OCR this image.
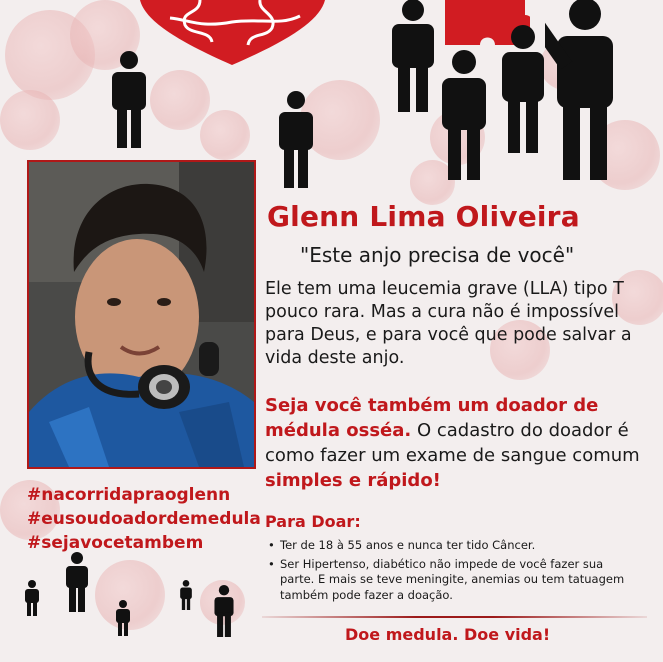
Glenn Lima Oliveira
"Este anjo precisa de você"
Ele tem uma leucemia grave (LLA) tipo T pouco rara. Mas a cura não é impossível para Deus, e para você que pode salvar a vida deste anjo.
Seja você também um doador de médula osséa. O cadastro do doador é como fazer um exame de sangue comum simples e rápido!
#nacorridapraoglenn
#eusoudoadordemedula
#sejavocetambem
Para Doar:
• Ter de 18 à 55 anos e nunca ter tido Câncer.
• Ser Hipertenso, diabético não impede de você fazer sua parte. E mais se teve meningite, anemias ou tem tatuagem também pode fazer a doação.
Doe medula. Doe vida!
